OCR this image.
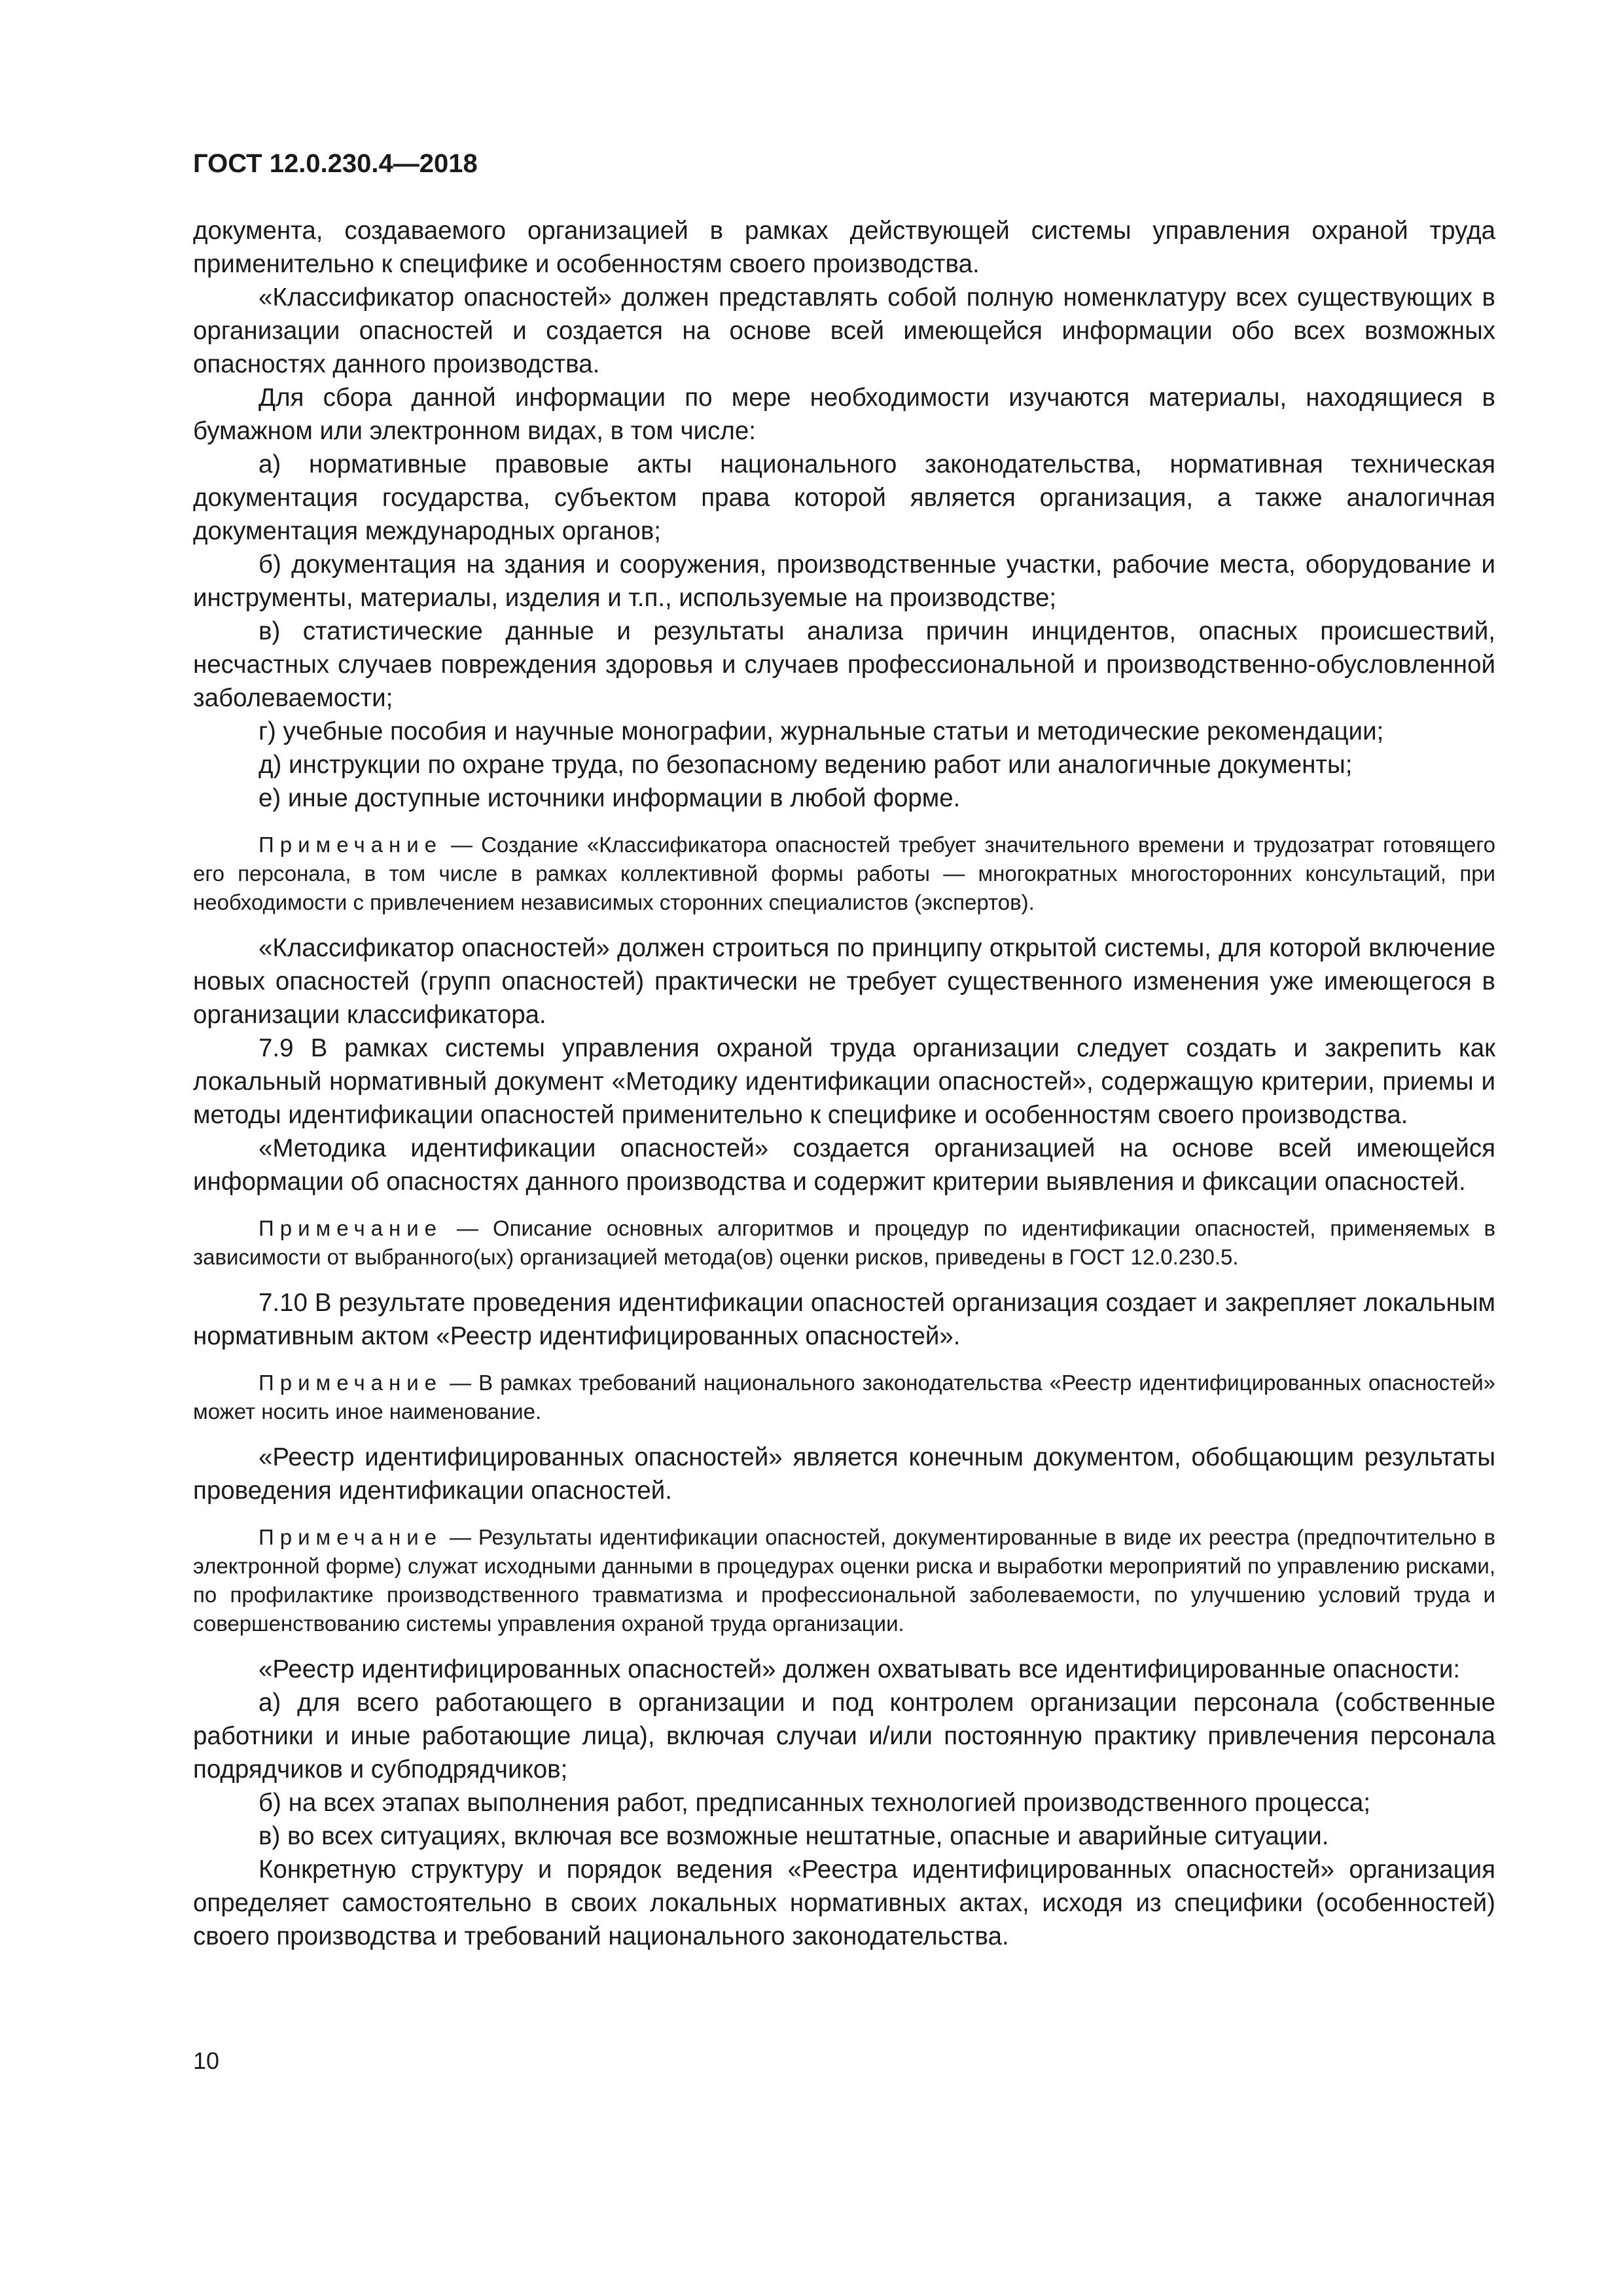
ГОСТ 12.0.230.4—2018

документа, создаваемого организацией в рамках действующей системы управления охраной труда применительно к специфике и особенностям своего производства.

«Классификатор опасностей» должен представлять собой полную номенклатуру всех существующих в организации опасностей и создается на основе всей имеющейся информации обо всех возможных опасностях данного производства.

Для сбора данной информации по мере необходимости изучаются материалы, находящиеся в бумажном или электронном видах, в том числе:

а) нормативные правовые акты национального законодательства, нормативная техническая документация государства, субъектом права которой является организация, а также аналогичная документация международных органов;

б) документация на здания и сооружения, производственные участки, рабочие места, оборудование и инструменты, материалы, изделия и т.п., используемые на производстве;

в) статистические данные и результаты анализа причин инцидентов, опасных происшествий, несчастных случаев повреждения здоровья и случаев профессиональной и производственно-обусловленной заболеваемости;

г) учебные пособия и научные монографии, журнальные статьи и методические рекомендации;

д) инструкции по охране труда, по безопасному ведению работ или аналогичные документы;

е) иные доступные источники информации в любой форме.

Примечание — Создание «Классификатора опасностей требует значительного времени и трудозатрат готовящего его персонала, в том числе в рамках коллективной формы работы — многократных многосторонних консультаций, при необходимости с привлечением независимых сторонних специалистов (экспертов).

«Классификатор опасностей» должен строиться по принципу открытой системы, для которой включение новых опасностей (групп опасностей) практически не требует существенного изменения уже имеющегося в организации классификатора.

7.9 В рамках системы управления охраной труда организации следует создать и закрепить как локальный нормативный документ «Методику идентификации опасностей», содержащую критерии, приемы и методы идентификации опасностей применительно к специфике и особенностям своего производства.

«Методика идентификации опасностей» создается организацией на основе всей имеющейся информации об опасностях данного производства и содержит критерии выявления и фиксации опасностей.

Примечание — Описание основных алгоритмов и процедур по идентификации опасностей, применяемых в зависимости от выбранного(ых) организацией метода(ов) оценки рисков, приведены в ГОСТ 12.0.230.5.

7.10 В результате проведения идентификации опасностей организация создает и закрепляет локальным нормативным актом «Реестр идентифицированных опасностей».

Примечание — В рамках требований национального законодательства «Реестр идентифицированных опасностей» может носить иное наименование.

«Реестр идентифицированных опасностей» является конечным документом, обобщающим результаты проведения идентификации опасностей.

Примечание — Результаты идентификации опасностей, документированные в виде их реестра (предпочтительно в электронной форме) служат исходными данными в процедурах оценки риска и выработки мероприятий по управлению рисками, по профилактике производственного травматизма и профессиональной заболеваемости, по улучшению условий труда и совершенствованию системы управления охраной труда организации.

«Реестр идентифицированных опасностей» должен охватывать все идентифицированные опасности:

а) для всего работающего в организации и под контролем организации персонала (собственные работники и иные работающие лица), включая случаи и/или постоянную практику привлечения персонала подрядчиков и субподрядчиков;

б) на всех этапах выполнения работ, предписанных технологией производственного процесса;

в) во всех ситуациях, включая все возможные нештатные, опасные и аварийные ситуации.

Конкретную структуру и порядок ведения «Реестра идентифицированных опасностей» организация определяет самостоятельно в своих локальных нормативных актах, исходя из специфики (особенностей) своего производства и требований национального законодательства.

10
